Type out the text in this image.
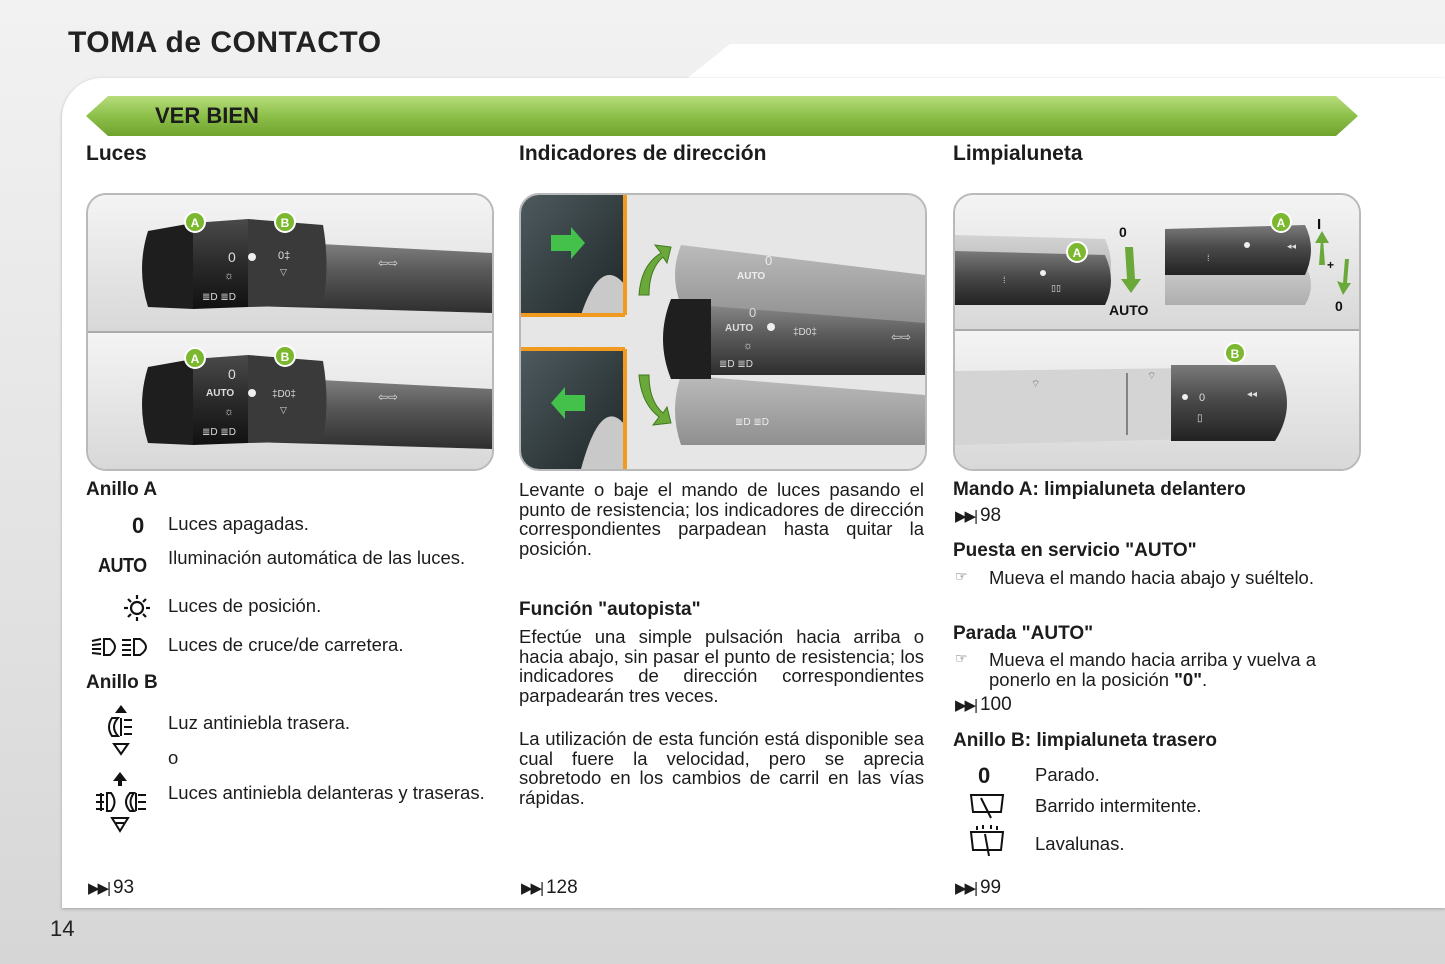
TOMA de CONTACTO
VER BIEN
Luces
0
☼
≣D ≣D
0‡
▽
⇦⇨
A	B
0
AUTO
☼
≣D ≣D
‡D0‡
▽
⇦⇨
A	B
Anillo A
0 Luces apagadas.
AUTO Iluminación automática de las luces.
Luces de posición.
Luces de cruce/de carretera.
Anillo B
Luz antiniebla trasera.
o
Luces antiniebla delanteras y traseras.
▶▶| 93
Indicadores de dirección
0
AUTO
≣D ≣D
0
AUTO
☼
≣D ≣D
‡D0‡	⇦⇨
Levante o baje el mando de luces pasando el punto de resistencia; los indicadores de dirección correspondientes parpadean hasta quitar la posición.
Función "autopista"
Efectúe una simple pulsación hacia arriba o hacia abajo, sin pasar el punto de resistencia; los indicadores de dirección correspondientes parpadearán tres veces.
La utilización de esta función está disponible sea cual fuere la velocidad, pero se aprecia sobretodo en los cambios de carril en las vías rápidas.
▶▶| 128
Limpialuneta
⁞
▯▯
A
0
AUTO
⁞
◂◂
A I
+
0
⌔
⌔
0
▯
◂◂
B
Mando A: limpialuneta delantero
▶▶| 98
Puesta en servicio "AUTO"
☞ Mueva el mando hacia abajo y suéltelo.
Parada "AUTO"
☞ Mueva el mando hacia arriba y vuelva a ponerlo en la posición "0".
▶▶| 100
Anillo B: limpialuneta trasero
0 Parado.
Barrido intermitente.
Lavalunas.
▶▶| 99
14
